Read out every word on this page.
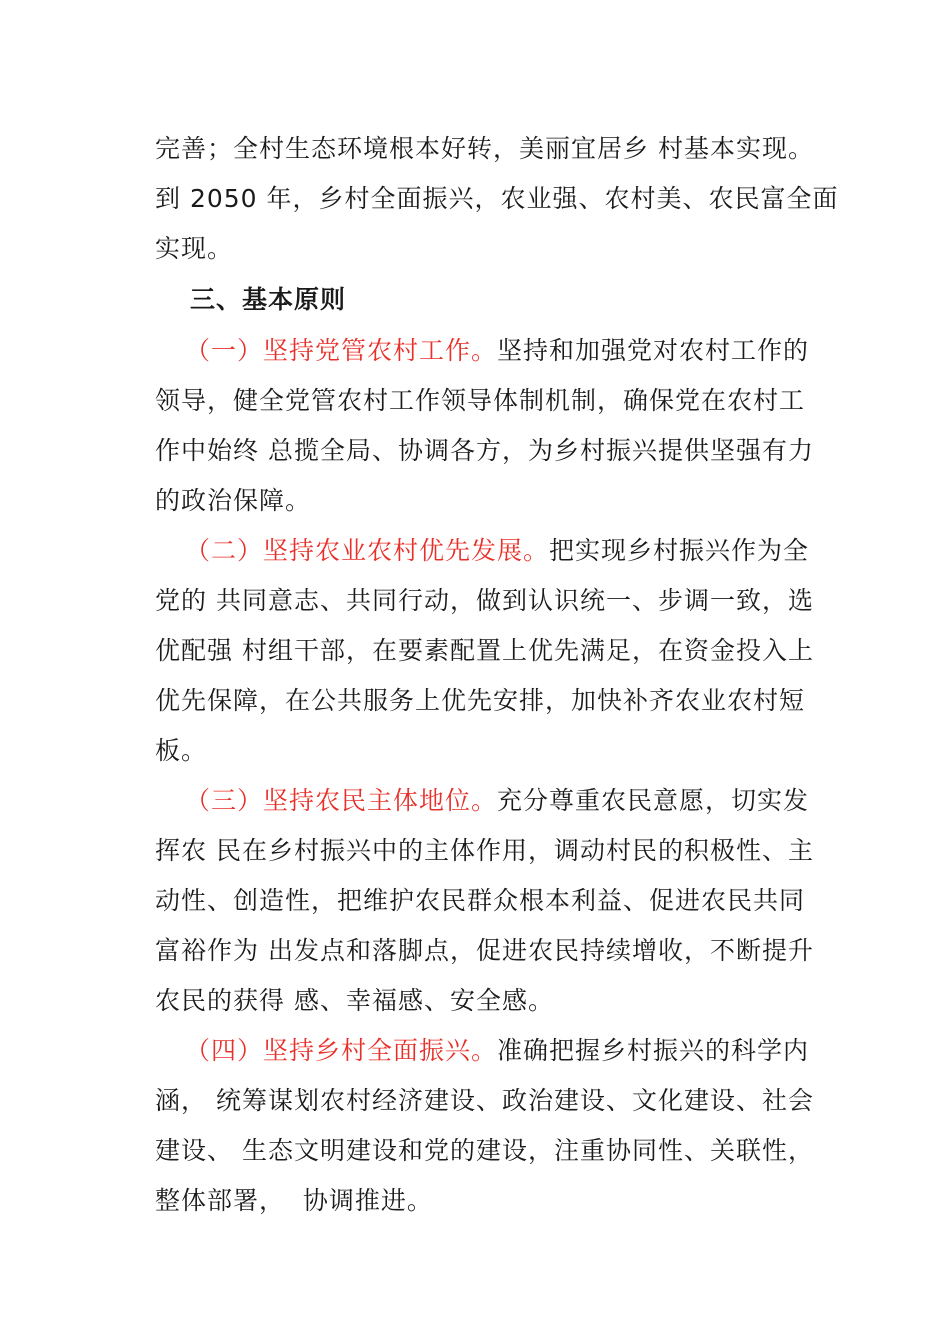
完善；全村生态环境根本好转，美丽宜居乡 村基本实现。
到 2050 年，乡村全面振兴，农业强、农村美、农民富全面
实现。
三、基本原则
（一）坚持党管农村工作。坚持和加强党对农村工作的
领导，健全党管农村工作领导体制机制，确保党在农村工
作中始终 总揽全局、协调各方，为乡村振兴提供坚强有力
的政治保障。
（二）坚持农业农村优先发展。把实现乡村振兴作为全
党的 共同意志、共同行动，做到认识统一、步调一致，选
优配强 村组干部，在要素配置上优先满足，在资金投入上
优先保障，在公共服务上优先安排，加快补齐农业农村短
板。
（三）坚持农民主体地位。充分尊重农民意愿，切实发
挥农 民在乡村振兴中的主体作用，调动村民的积极性、主
动性、创造性，把维护农民群众根本利益、促进农民共同
富裕作为 出发点和落脚点，促进农民持续增收，不断提升
农民的获得 感、幸福感、安全感。
（四）坚持乡村全面振兴。准确把握乡村振兴的科学内
涵， 统筹谋划农村经济建设、政治建设、文化建设、社会
建设、 生态文明建设和党的建设，注重协同性、关联性，
整体部署，  协调推进。
